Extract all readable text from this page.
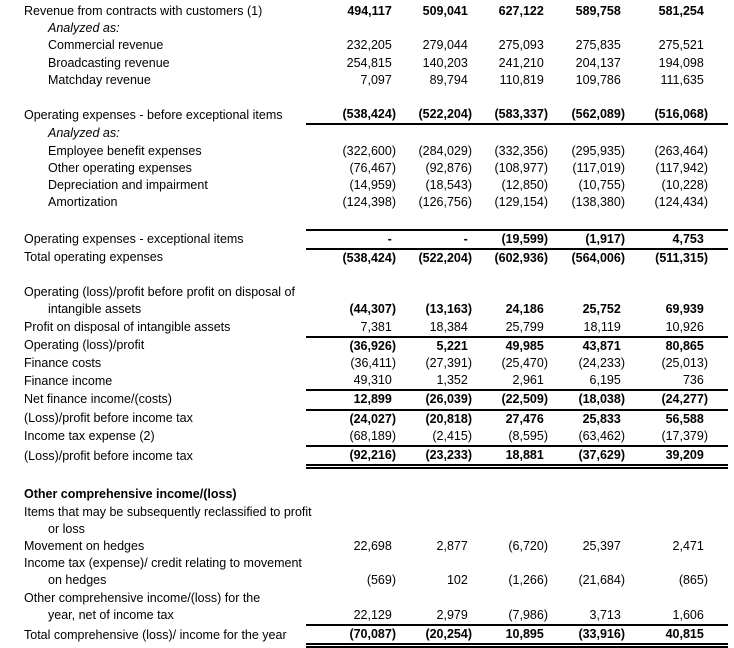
Revenue from contracts with customers (1)	494,117	509,041	627,122	589,758	581,254
Analyzed as:					
Commercial revenue	232,205	279,044	275,093	275,835	275,521
Broadcasting revenue	254,815	140,203	241,210	204,137	194,098
Matchday revenue	7,097	89,794	110,819	109,786	111,635

Operating expenses - before exceptional items	(538,424)	(522,204)	(583,337)	(562,089)	(516,068)
Analyzed as:					
Employee benefit expenses	(322,600)	(284,029)	(332,356)	(295,935)	(263,464)
Other operating expenses	(76,467)	(92,876)	(108,977)	(117,019)	(117,942)
Depreciation and impairment	(14,959)	(18,543)	(12,850)	(10,755)	(10,228)
Amortization	(124,398)	(126,756)	(129,154)	(138,380)	(124,434)

Operating expenses - exceptional items	-	-	(19,599)	(1,917)	4,753
Total operating expenses	(538,424)	(522,204)	(602,936)	(564,006)	(511,315)

Operating (loss)/profit before profit on disposal of					
intangible assets	(44,307)	(13,163)	24,186	25,752	69,939
Profit on disposal of intangible assets	7,381	18,384	25,799	18,119	10,926
Operating (loss)/profit	(36,926)	5,221	49,985	43,871	80,865
Finance costs	(36,411)	(27,391)	(25,470)	(24,233)	(25,013)
Finance income	49,310	1,352	2,961	6,195	736
Net finance income/(costs)	12,899	(26,039)	(22,509)	(18,038)	(24,277)
(Loss)/profit before income tax	(24,027)	(20,818)	27,476	25,833	56,588
Income tax expense (2)	(68,189)	(2,415)	(8,595)	(63,462)	(17,379)
(Loss)/profit before income tax	(92,216)	(23,233)	18,881	(37,629)	39,209

Other comprehensive income/(loss)					
Items that may be subsequently reclassified to profit					
or loss					
Movement on hedges	22,698	2,877	(6,720)	25,397	2,471
Income tax (expense)/ credit relating to movement					
on hedges	(569)	102	(1,266)	(21,684)	(865)
Other comprehensive income/(loss) for the					
year, net of income tax	22,129	2,979	(7,986)	3,713	1,606
Total comprehensive (loss)/ income for the year	(70,087)	(20,254)	10,895	(33,916)	40,815
